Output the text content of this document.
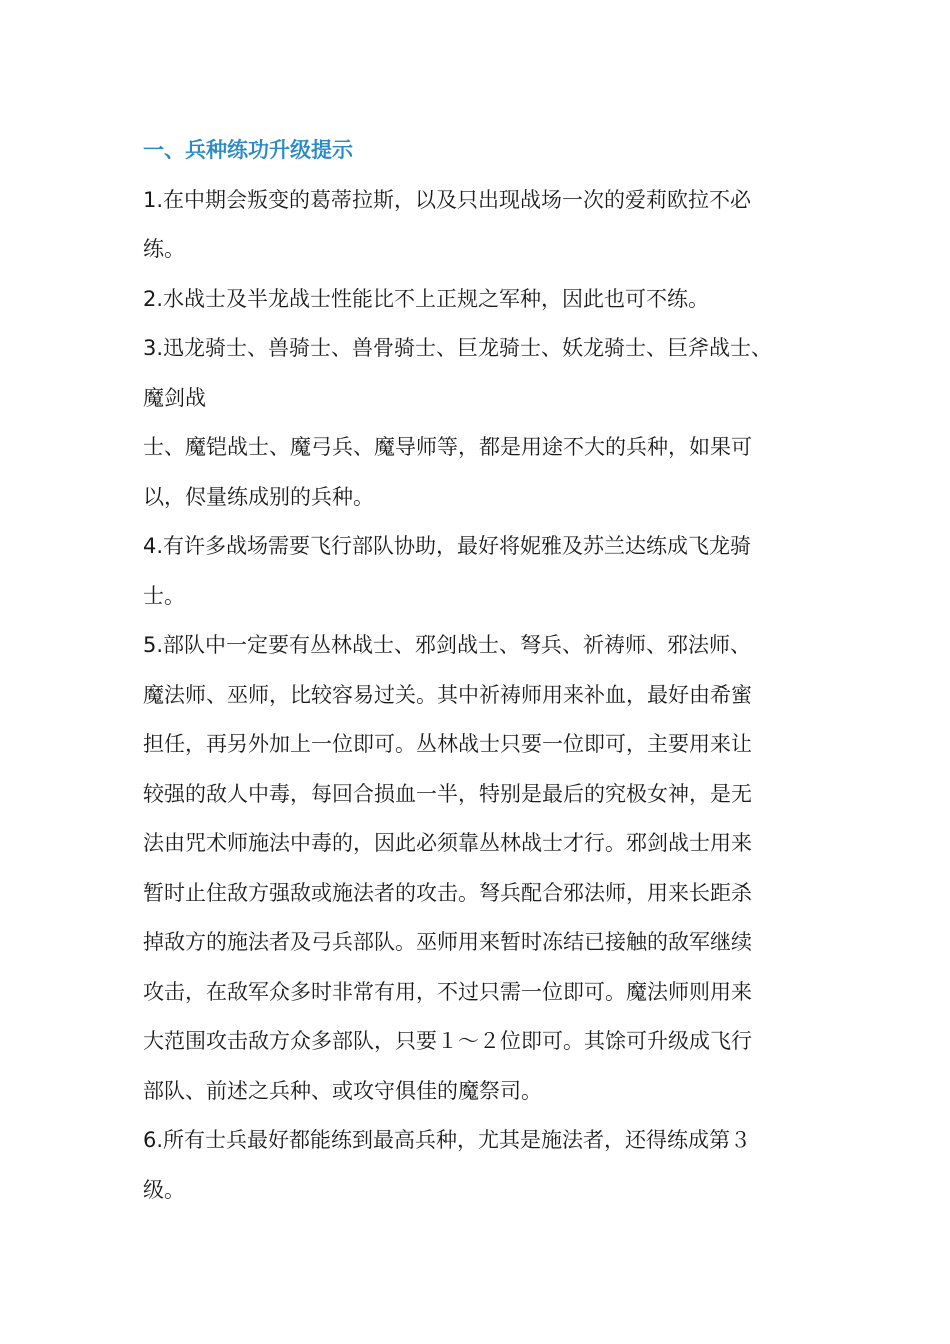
一、兵种练功升级提示
1.在中期会叛变的葛蒂拉斯，以及只出现战场一次的爱莉欧拉不必
练。
2.水战士及半龙战士性能比不上正规之军种，因此也可不练。
3.迅龙骑士、兽骑士、兽骨骑士、巨龙骑士、妖龙骑士、巨斧战士、
魔剑战
士、魔铠战士、魔弓兵、魔导师等，都是用途不大的兵种，如果可
以，侭量练成别的兵种。
4.有许多战场需要飞行部队协助，最好将妮雅及苏兰达练成飞龙骑
士。
5.部队中一定要有丛林战士、邪剑战士、弩兵、祈祷师、邪法师、
魔法师、巫师，比较容易过关。其中祈祷师用来补血，最好由希蜜
担任，再另外加上一位即可。丛林战士只要一位即可，主要用来让
较强的敌人中毒，每回合损血一半，特别是最后的究极女神，是无
法由咒术师施法中毒的，因此必须靠丛林战士才行。邪剑战士用来
暂时止住敌方强敌或施法者的攻击。弩兵配合邪法师，用来长距杀
掉敌方的施法者及弓兵部队。巫师用来暂时冻结已接触的敌军继续
攻击，在敌军众多时非常有用，不过只需一位即可。魔法师则用来
大范围攻击敌方众多部队，只要１～２位即可。其馀可升级成飞行
部队、前述之兵种、或攻守俱佳的魔祭司。
6.所有士兵最好都能练到最高兵种，尤其是施法者，还得练成第３
级。
